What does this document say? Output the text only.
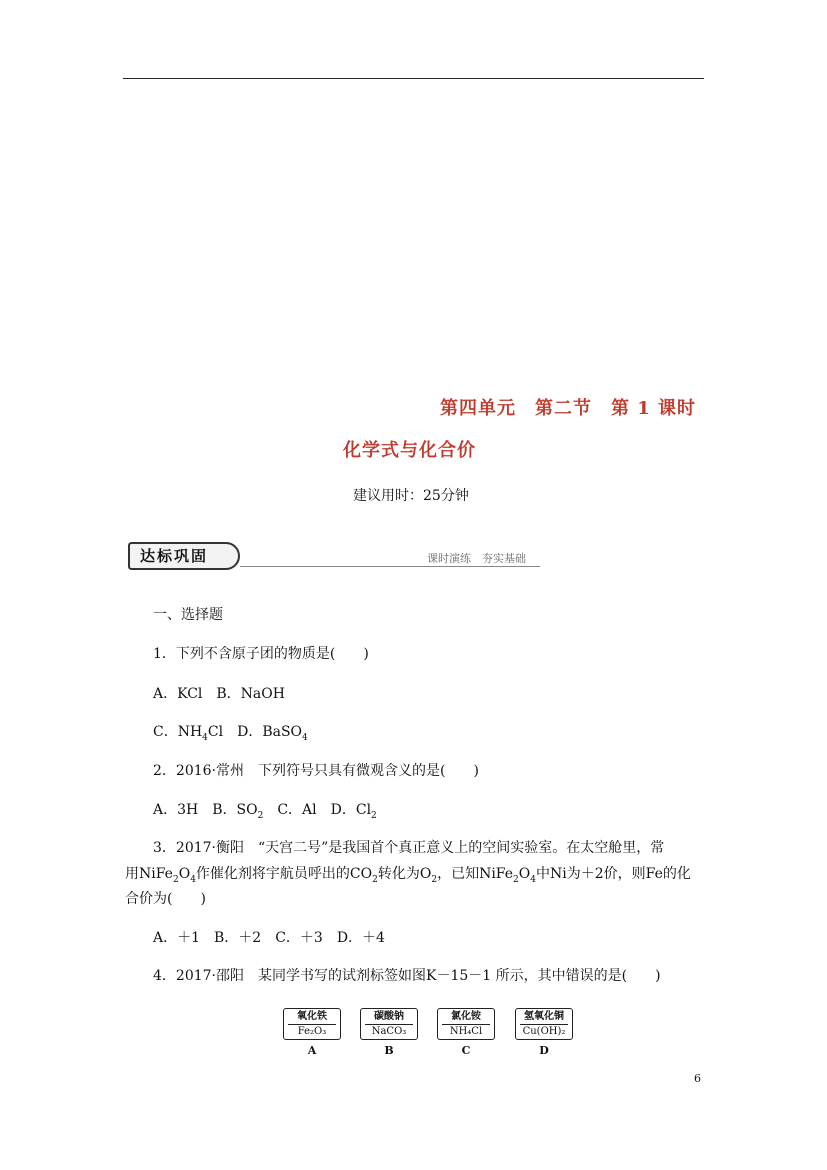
第四单元　第二节　第 1 课时
化学式与化合价
建议用时：25分钟
达标巩固	课时演练　夯实基础
一、选择题
1．下列不含原子团的物质是(　　)
A．KCl　B．NaOH
C．$NH_4Cl$　D．BaSO$_4$
2．2016·常州　下列符号只具有微观含义的是(　　)
A．3H　B．$SO_2$　C．Al　D．$Cl_2$
3．2017·衡阳　“天宫二号”是我国首个真正意义上的空间实验室。在太空舱里，常
用$NiFe_2O_4$作催化剂将宇航员呼出的$CO_2$转化为$O_2$，已知$NiFe_2O_4$中Ni为＋2价，则Fe的化
合价为(　　)
A．＋1　B．＋2　C．＋3　D．＋4
4．2017·邵阳　某同学书写的试剂标签如图K－15－1 所示，其中错误的是(　　)
氧化铁
Fe₂O₃
A
碳酸钠
NaCO₃
B
氯化铵
NH₄Cl
C
氢氧化铜
Cu(OH)₂
D
6
